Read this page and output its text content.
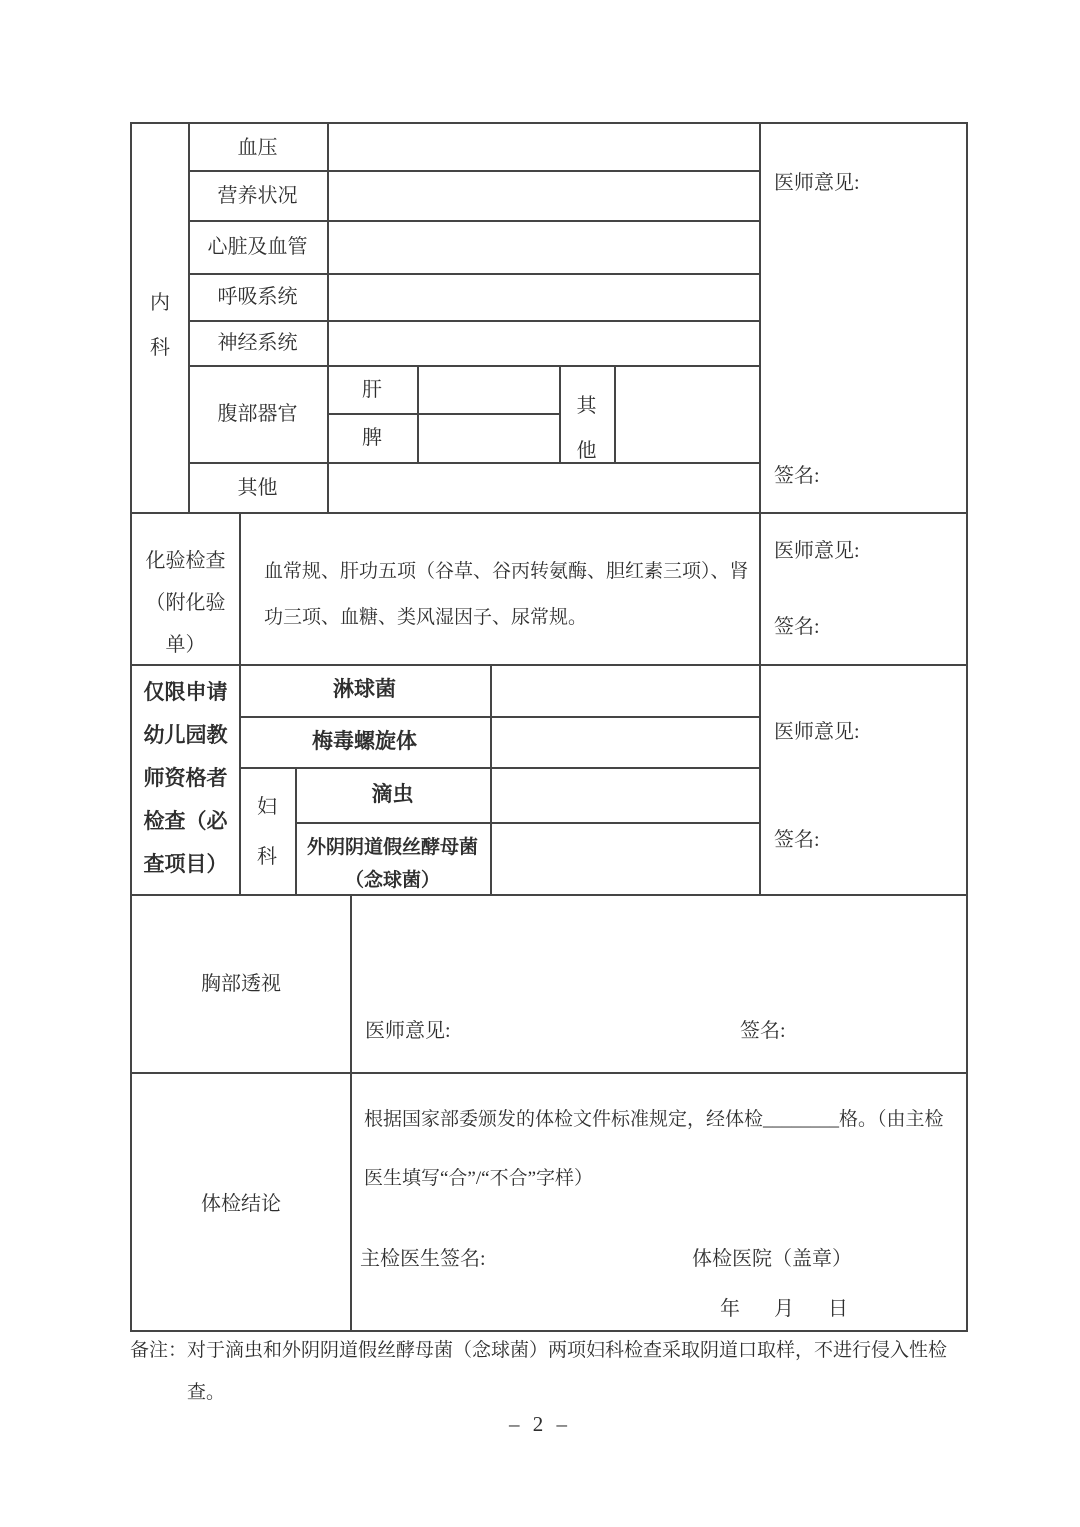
内
科
血压
营养状况
心脏及血管
呼吸系统
神经系统
腹部器官
肝
脾
其
他
其他
医师意见:
签名:
化验检查
（附化验
单）
血常规、肝功五项（谷草、谷丙转氨酶、胆红素三项）、肾
功三项、血糖、类风湿因子、尿常规。
医师意见:
签名:
仅限申请
幼儿园教
师资格者
检查（必
查项目）
淋球菌
梅毒螺旋体
妇
科
滴虫
外阴阴道假丝酵母菌
（念球菌）
医师意见:
签名:
胸部透视
医师意见:	签名:
体检结论
根据国家部委颁发的体检文件标准规定，经体检________格。（由主检
医生填写“合”/“不合”字样）
主检医生签名:	体检医院（盖章）
年　月　日
备注：对于滴虫和外阴阴道假丝酵母菌（念球菌）两项妇科检查采取阴道口取样，不进行侵入性检查。
– 2 –
